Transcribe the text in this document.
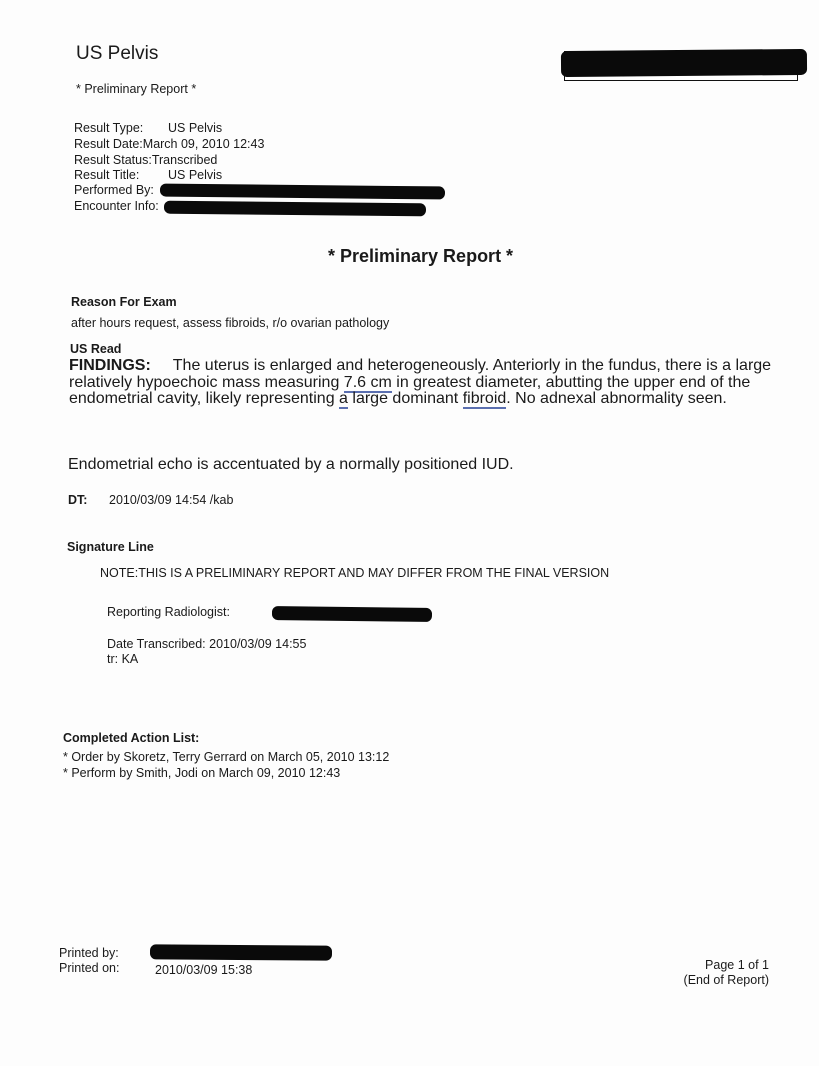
US Pelvis
* Preliminary Report *
Result Type: US Pelvis
Result Date:March 09, 2010 12:43
Result Status:Transcribed
Result Title: US Pelvis
Performed By:
Encounter Info:
* Preliminary Report *
Reason For Exam
after hours request, assess fibroids, r/o ovarian pathology
US Read
FINDINGS: The uterus is enlarged and heterogeneously. Anteriorly in the fundus, there is a large relatively hypoechoic mass measuring 7.6 cm in greatest diameter, abutting the upper end of the endometrial cavity, likely representing a large dominant fibroid. No adnexal abnormality seen.
Endometrial echo is accentuated by a normally positioned IUD.
DT: 2010/03/09 14:54 /kab
Signature Line
NOTE:THIS IS A PRELIMINARY REPORT AND MAY DIFFER FROM THE FINAL VERSION
Reporting Radiologist:
Date Transcribed: 2010/03/09 14:55
tr: KA
Completed Action List:
* Order by Skoretz, Terry Gerrard on March 05, 2010 13:12
* Perform by Smith, Jodi on March 09, 2010 12:43
Printed by:
Printed on:	2010/03/09 15:38	Page 1 of 1
(End of Report)
